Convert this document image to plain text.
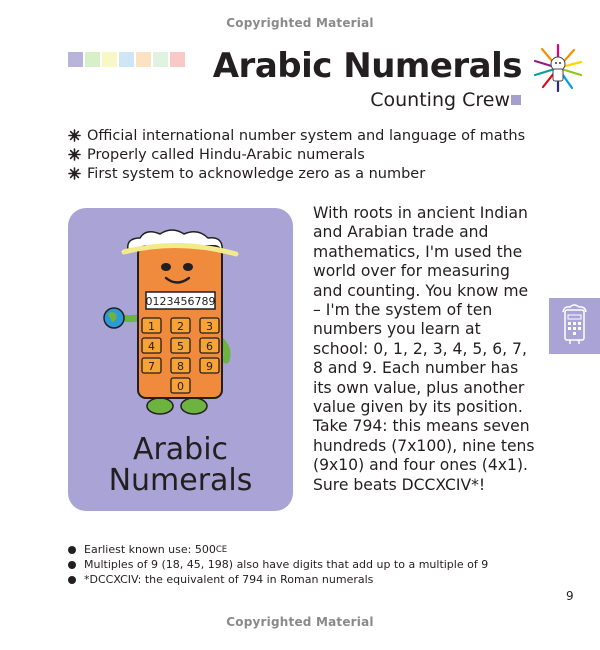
Copyrighted Material
Arabic Numerals
Counting Crew
Official international number system and language of maths
Properly called Hindu-Arabic numerals
First system to acknowledge zero as a number
0123456789
1 2 3
4 5 6
7 8 9
0
Arabic
Numerals
With roots in ancient Indian and Arabian trade and mathematics, I'm used the world over for measuring and counting. You know me – I'm the system of ten numbers you learn at school: 0, 1, 2, 3, 4, 5, 6, 7, 8 and 9. Each number has its own value, plus another value given by its position. Take 794: this means seven hundreds (7x100), nine tens (9x10) and four ones (4x1). Sure beats DCCXCIV*!
Earliest known use: 500 CE
Multiples of 9 (18, 45, 198) also have digits that add up to a multiple of 9
*DCCXCIV: the equivalent of 794 in Roman numerals
9
Copyrighted Material
